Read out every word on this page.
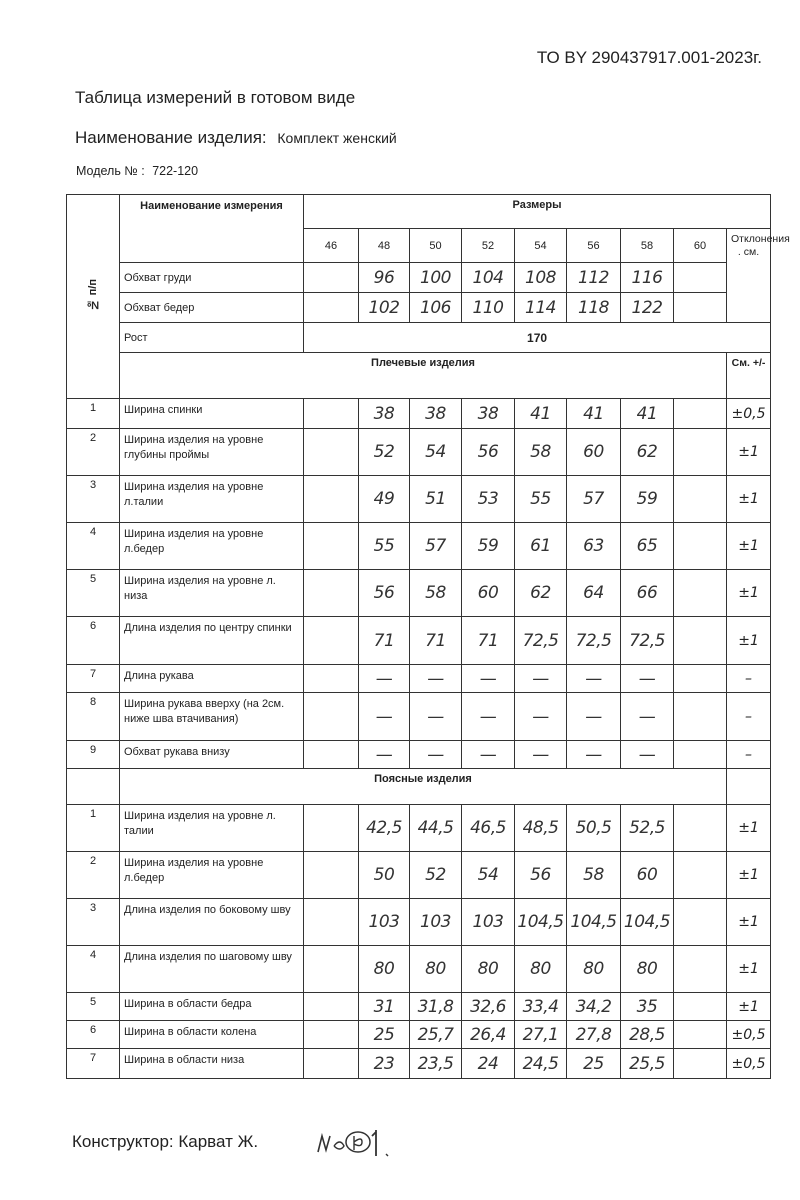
ТО BY 290437917.001-2023г.
Таблица измерений в готовом виде
Наименование изделия: Комплект женский
Модель № : 722-120
№ п/п	Наименование измерения	Размеры								
		46	48	50	52	54	56	58	60	Отклонения . см.
	Обхват груди		96	100	104	108	112	116		
	Обхват бедер		102	106	110	114	118	122		
	Рост	170								
	Плечевые изделия									См. +/-
1	Ширина спинки		38	38	38	41	41	41		±0,5
2	Ширина изделия на уровне глубины проймы		52	54	56	58	60	62		±1
3	Ширина изделия на уровне л.талии		49	51	53	55	57	59		±1
4	Ширина изделия на уровне л.бедер		55	57	59	61	63	65		±1
5	Ширина изделия на уровне л. низа		56	58	60	62	64	66		±1
6	Длина изделия по центру спинки		71	71	71	72,5	72,5	72,5		±1
7	Длина рукава		—	—	—	—	—	—		–
8	Ширина рукава вверху (на 2см. ниже шва втачивания)		—	—	—	—	—	—		–
9	Обхват рукава внизу		—	—	—	—	—	—		–
	Поясные изделия									
1	Ширина изделия на уровне л. талии		42,5	44,5	46,5	48,5	50,5	52,5		±1
2	Ширина изделия на уровне л.бедер		50	52	54	56	58	60		±1
3	Длина изделия по боковому шву		103	103	103	104,5	104,5	104,5		±1
4	Длина изделия по шаговому шву		80	80	80	80	80	80		±1
5	Ширина в области бедра		31	31,8	32,6	33,4	34,2	35		±1
6	Ширина в области колена		25	25,7	26,4	27,1	27,8	28,5		±0,5
7	Ширина в области низа		23	23,5	24	24,5	25	25,5		±0,5
Конструктор: Карват Ж.
